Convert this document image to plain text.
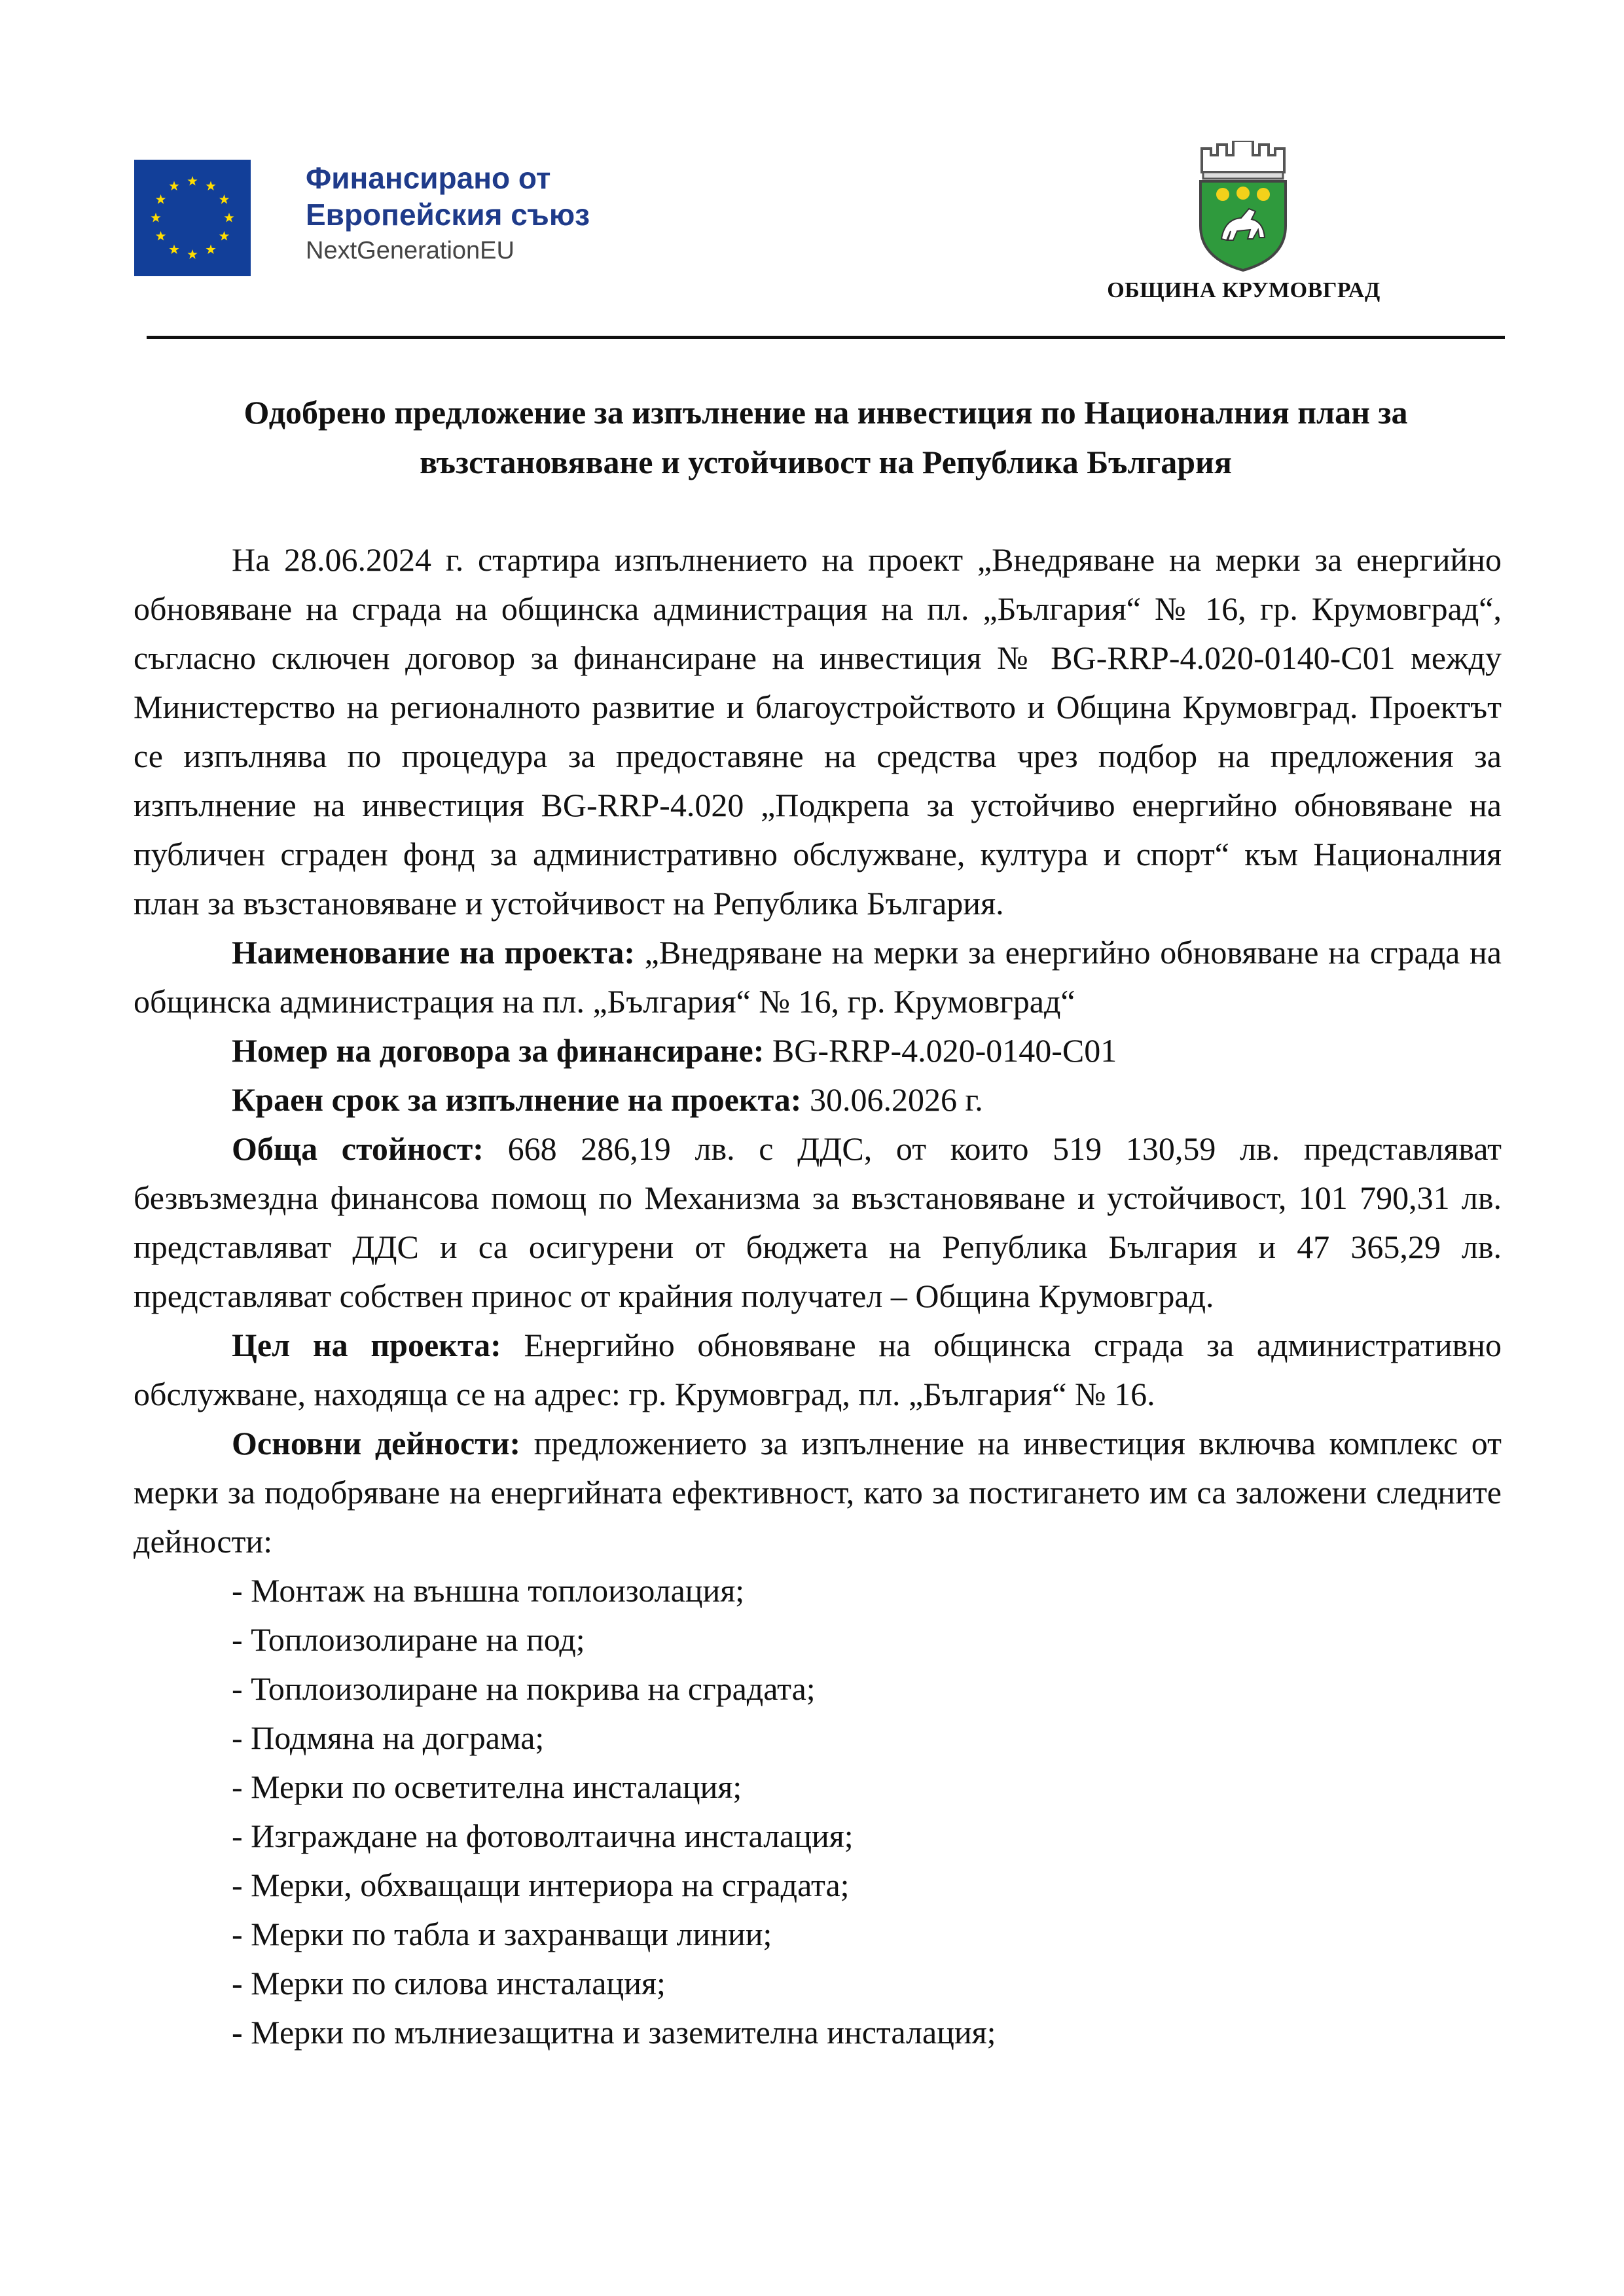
Финансирано от
Европейския съюз
NextGenerationEU
ОБЩИНА КРУМОВГРАД
Одобрено предложение за изпълнение на инвестиция по Националния план за възстановяване и устойчивост на Република България

На 28.06.2024 г. стартира изпълнението на проект „Внедряване на мерки за енергийно обновяване на сграда на общинска администрация на пл. „България“ № 16, гр. Крумовград“, съгласно сключен договор за финансиране на инвестиция № BG-RRP-4.020-0140-C01 между Министерство на регионалното развитие и благоустройството и Община Крумовград. Проектът се изпълнява по процедура за предоставяне на средства чрез подбор на предложения за изпълнение на инвестиция BG-RRP-4.020 „Подкрепа за устойчиво енергийно обновяване на публичен сграден фонд за административно обслужване, култура и спорт“ към Националния план за възстановяване и устойчивост на Република България.

Наименование на проекта: „Внедряване на мерки за енергийно обновяване на сграда на общинска администрация на пл. „България“ № 16, гр. Крумовград“

Номер на договора за финансиране: BG-RRP-4.020-0140-C01

Краен срок за изпълнение на проекта: 30.06.2026 г.

Обща стойност: 668 286,19 лв. с ДДС, от които 519 130,59 лв. представляват безвъзмездна финансова помощ по Механизма за възстановяване и устойчивост, 101 790,31 лв. представляват ДДС и са осигурени от бюджета на Република България и 47 365,29 лв. представляват собствен принос от крайния получател – Община Крумовград.

Цел на проекта: Енергийно обновяване на общинска сграда за административно обслужване, находяща се на адрес: гр. Крумовград, пл. „България“ № 16.

Основни дейности: предложението за изпълнение на инвестиция включва комплекс от мерки за подобряване на енергийната ефективност, като за постигането им са заложени следните дейности:

- Монтаж на външна топлоизолация;

- Топлоизолиране на под;

- Топлоизолиране на покрива на сградата;

- Подмяна на дограма;

- Мерки по осветителна инсталация;

- Изграждане на фотоволтаична инсталация;

- Мерки, обхващащи интериора на сградата;

- Мерки по табла и захранващи линии;

- Мерки по силова инсталация;

- Мерки по мълниезащитна и заземителна инсталация;
